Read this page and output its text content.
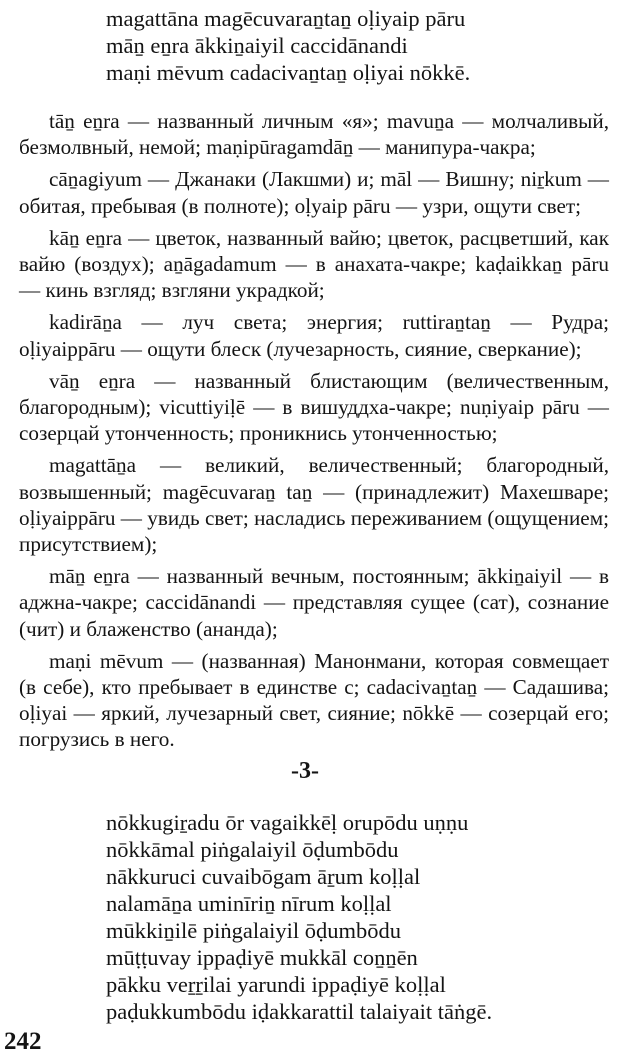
magattāna magēcuvaraṉtaṉ oḷiyaip pāru
māṉ eṉra ākkiṉaiyil caccidānandi
maṇi mēvum cadacivaṉtaṉ oḷiyai nōkkē.

tāṉ eṉra — названный личным «я»; mavuṉa — молчаливый, безмолвный, немой; maṇipūragamdāṉ — манипура-чакра;

cāṉagiyum — Джанаки (Лакшми) и; māl — Вишну; niṟkum — обитая, пребывая (в полноте); oḷyaip pāru — узри, ощути свет;

kāṉ eṉra — цветок, названный вайю; цветок, расцветший, как вайю (воздух); aṉāgadamum — в анахата-чакре; kaḍaikkaṉ pāru — кинь взгляд; взгляни украдкой;

kadirāṉa — луч света; энергия; ruttiraṉtaṉ — Рудра; oḷiyaippāru — ощути блеск (лучезарность, сияние, сверкание);

vāṉ eṉra — названный блистающим (величественным, благородным); vicuttiyiḷē — в вишуддха-чакре; nuṇiyaip pāru — созерцай утонченность; проникнись утонченностью;

magattāṉa — великий, величественный; благородный, возвышенный; magēcuvaraṉ taṉ — (принадлежит) Махешваре; oḷiyaippāru — увидь свет; насладись переживанием (ощущением; присутствием);

māṉ eṉra — названный вечным, постоянным; ākkiṉaiyil — в аджна-чакре; caccidānandi — представляя сущее (сат), сознание (чит) и блаженство (ананда);

maṇi mēvum — (названная) Манонмани, которая совмещает (в себе), кто пребывает в единстве с; cadacivaṉtaṉ — Садашива; oḷiyai — яркий, лучезарный свет, сияние; nōkkē — созерцай его; погрузись в него.

-3-
nōkkugiṟadu ōr vagaikkēḷ orupōdu uṇṇu
nōkkāmal piṅgalaiyil ōḍumbōdu
nākkuruci cuvaibōgam āṟum koḷḷal
nalamāṉa uminīriṉ nīrum koḷḷal
mūkkiṉilē piṅgalaiyil ōḍumbōdu
mūṭṭuvay ippaḍiyē mukkāl coṉṉēn
pākku veṟṟilai yarundi ippaḍiyē koḷḷal
paḍukkumbōdu iḍakkarattil talaiyait tāṅgē.
242
